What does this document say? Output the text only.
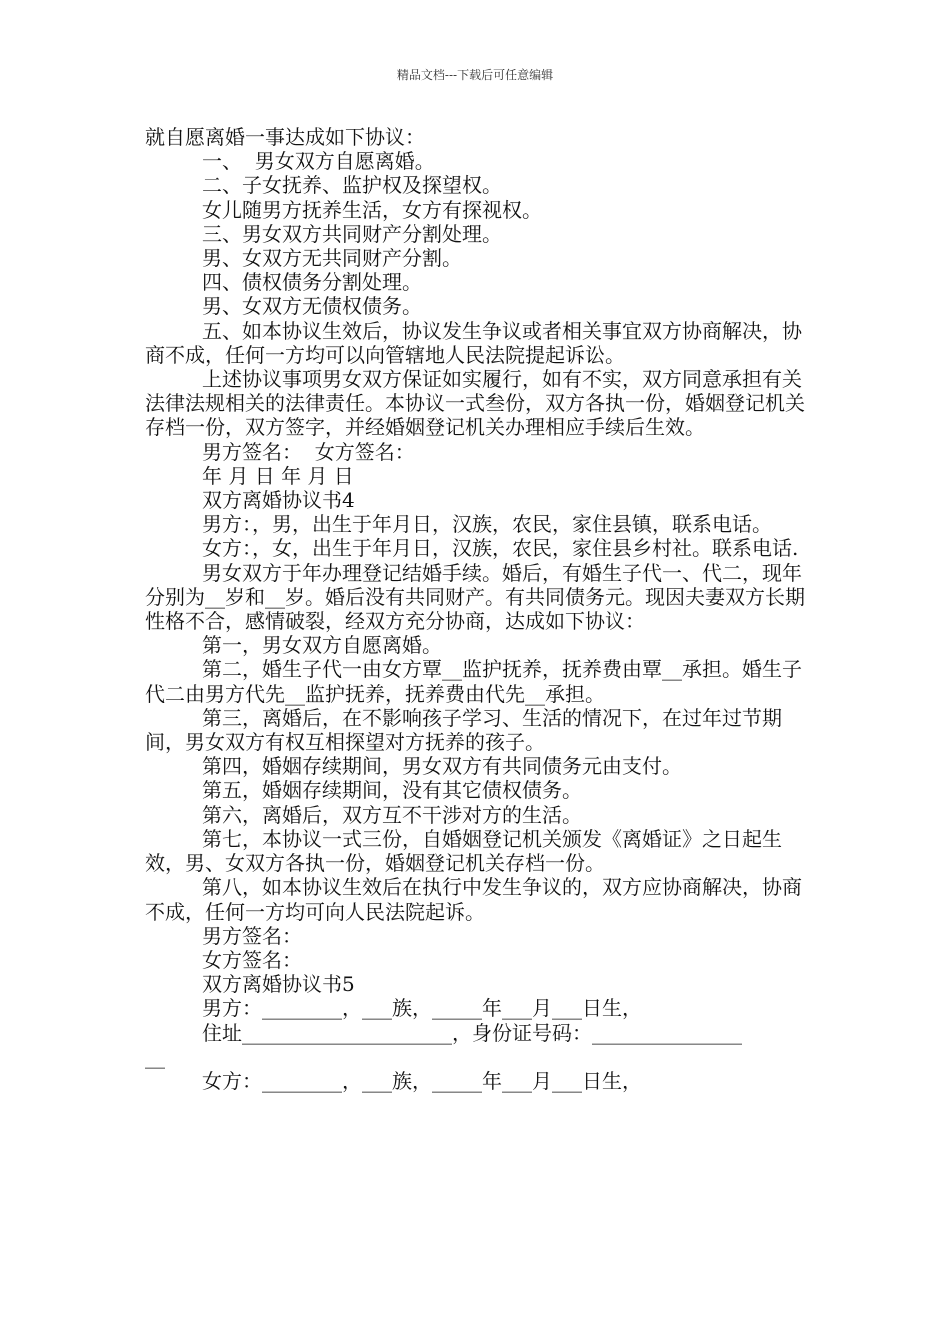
精品文档---下载后可任意编辑

就自愿离婚一事达成如下协议：

一、  男女双方自愿离婚。

二、子女抚养、监护权及探望权。

女儿随男方抚养生活，女方有探视权。

三、男女双方共同财产分割处理。

男、女双方无共同财产分割。

四、债权债务分割处理。

男、女双方无债权债务。

五、如本协议生效后，协议发生争议或者相关事宜双方协商解决，协商不成，任何一方均可以向管辖地人民法院提起诉讼。

上述协议事项男女双方保证如实履行，如有不实，双方同意承担有关法律法规相关的法律责任。本协议一式叁份，双方各执一份，婚姻登记机关存档一份，双方签字，并经婚姻登记机关办理相应手续后生效。

男方签名：  女方签名：

年 月 日 年 月 日

双方离婚协议书4

男方：，男，出生于年月日，汉族，农民，家住县镇，联系电话。

女方：，女，出生于年月日，汉族，农民，家住县乡村社。联系电话.

男女双方于年办理登记结婚手续。婚后，有婚生子代一、代二，现年分别为__岁和__岁。婚后没有共同财产。有共同债务元。现因夫妻双方长期性格不合，感情破裂，经双方充分协商，达成如下协议：

第一，男女双方自愿离婚。

第二，婚生子代一由女方覃__监护抚养，抚养费由覃__承担。婚生子代二由男方代先__监护抚养，抚养费由代先__承担。

第三，离婚后，在不影响孩子学习、生活的情况下，在过年过节期间，男女双方有权互相探望对方抚养的孩子。

第四，婚姻存续期间，男女双方有共同债务元由支付。

第五，婚姻存续期间，没有其它债权债务。

第六，离婚后，双方互不干涉对方的生活。

第七，本协议一式三份，自婚姻登记机关颁发《离婚证》之日起生效，男、女双方各执一份，婚姻登记机关存档一份。

第八，如本协议生效后在执行中发生争议的，双方应协商解决，协商不成，任何一方均可向人民法院起诉。

男方签名：

女方签名：

双方离婚协议书5

男方：________，___族，_____年___月___日生，

住址_____________________，身份证号码：_______________
__

女方：________，___族，_____年___月___日生，
